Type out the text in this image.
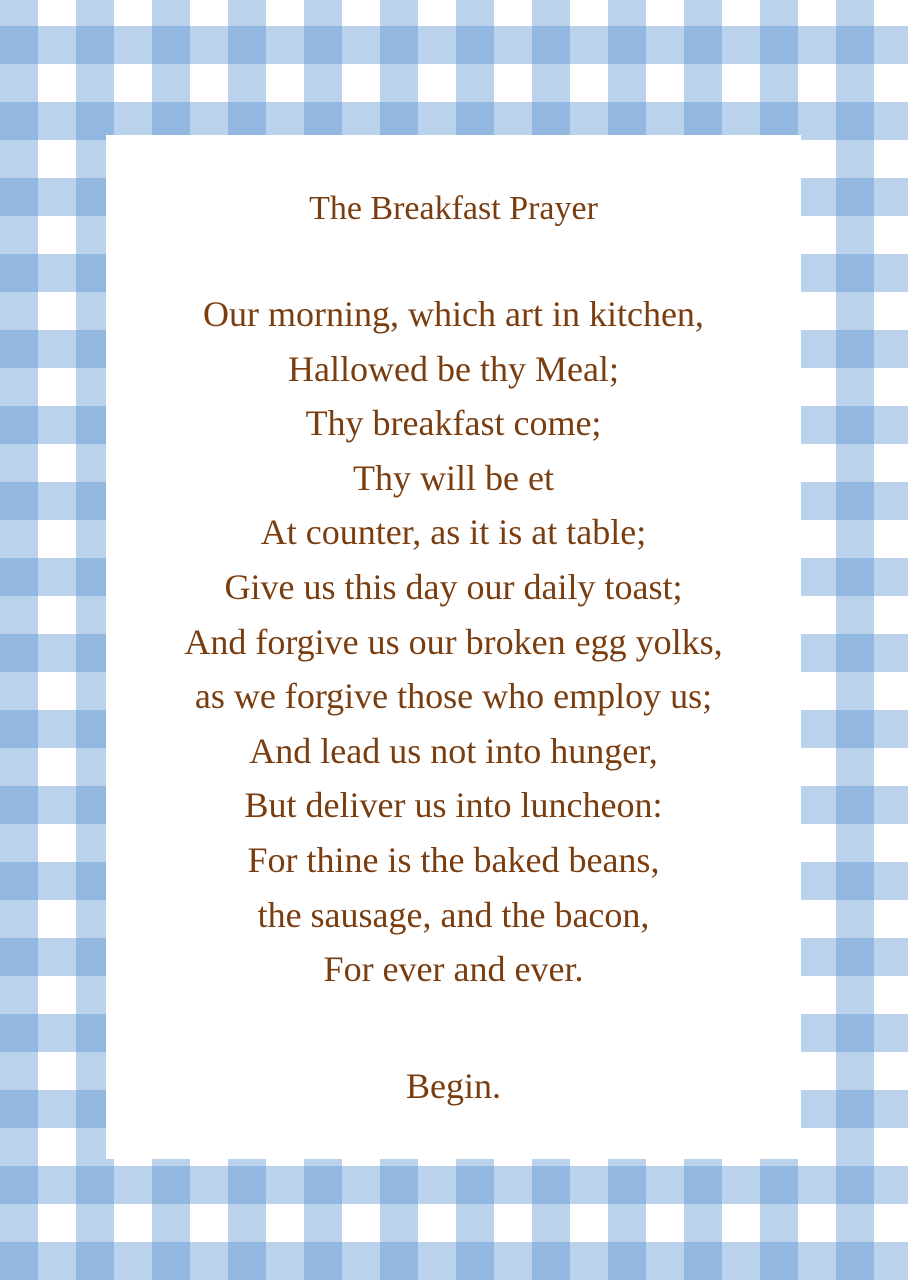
The Breakfast Prayer
Our morning, which art in kitchen,
Hallowed be thy Meal;
Thy breakfast come;
Thy will be et
At counter, as it is at table;
Give us this day our daily toast;
And forgive us our broken egg yolks,
as we forgive those who employ us;
And lead us not into hunger,
But deliver us into luncheon:
For thine is the baked beans,
the sausage, and the bacon,
For ever and ever.
Begin.
